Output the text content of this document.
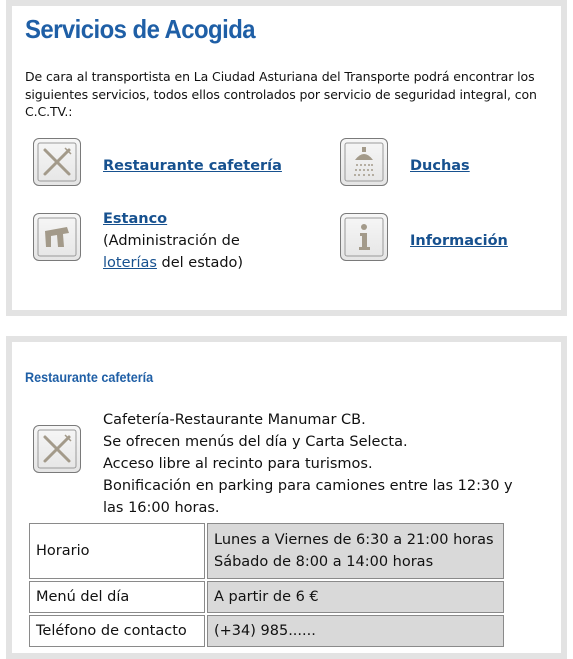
Servicios de Acogida
De cara al transportista en La Ciudad Asturiana del Transporte podrá encontrar los siguientes servicios, todos ellos controlados por servicio de seguridad integral, con C.C.TV.:
Restaurante cafetería	Duchas
Estanco
(Administración de
loterías del estado)
Información
Restaurante cafetería
Cafetería-Restaurante Manumar CB.
Se ofrecen menús del día y Carta Selecta.
Acceso libre al recinto para turismos.
Bonificación en parking para camiones entre las 12:30 y
las 16:00 horas.
Horario	Lunes a Viernes de 6:30 a 21:00 horas
Sábado de 8:00 a 14:00 horas

Menú del día	A partir de 6 €

Teléfono de contacto	(+34) 985......
